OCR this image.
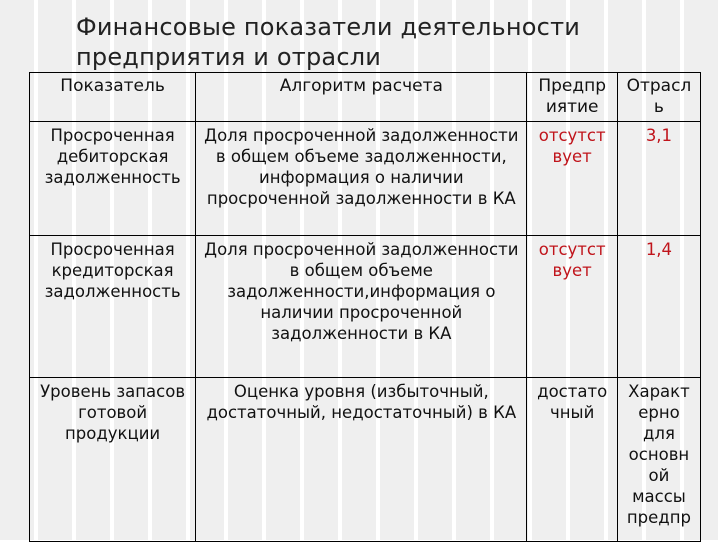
Финансовые показатели деятельности
предприятия и отрасли
Показатель	Алгоритм расчета	Предпр иятие	Отрасл ь
Просроченная дебиторская задолженность	Доля просроченной задолженности в общем объеме задолженности, информация о наличии просроченной задолженности в КА	отсутст вует	3,1
Просроченная кредиторская задолженность	Доля просроченной задолженности в общем объеме задолженности,информация о наличии просроченной задолженности в КА	отсутст вует	1,4
Уровень запасов готовой продукции	Оценка уровня (избыточный, достаточный, недостаточный) в КА	достато чный	Характ ерно для основн ой массы предпр
